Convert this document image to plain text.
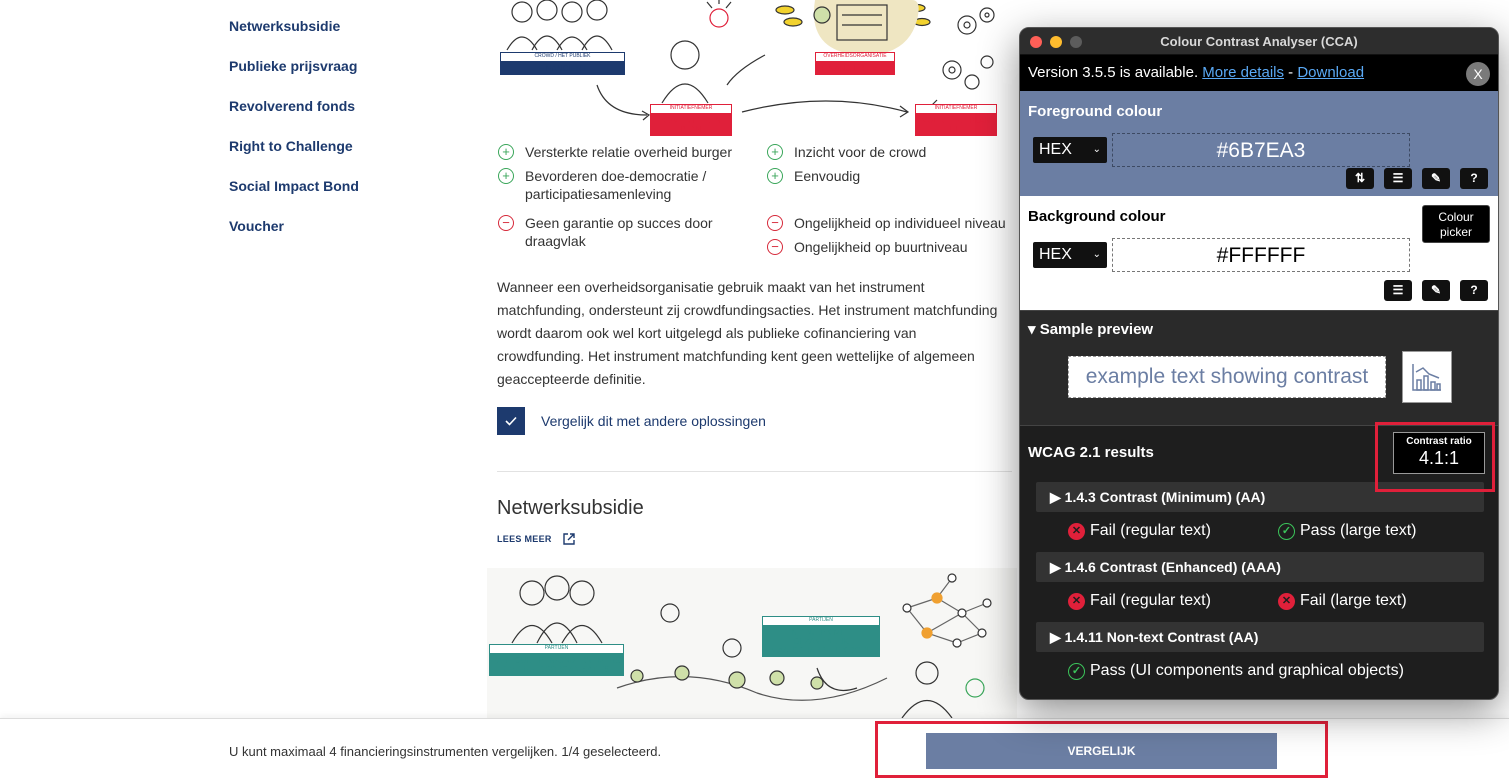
Netwerksubsidie
Publieke prijsvraag
Revolverend fonds
Right to Challenge
Social Impact Bond
Voucher
CROWD / HET PUBLIEK
FINANCIERT
OVERHEIDSORGANISATIE
FINANCIERT MEE
INITIATIEFNEMER
KOMT MET EEN PLAN
INITIATIEFNEMER
VOERT HET PLAN UIT
+	Versterkte relatie overheid burger
+	Bevorderen doe-democratie / participatiesamenleving
+	Inzicht voor de crowd
+	Eenvoudig
−	Geen garantie op succes door draagvlak
−	Ongelijkheid op individueel niveau
−	Ongelijkheid op buurtniveau

Wanneer een overheidsorganisatie gebruik maakt van het instrument matchfunding, ondersteunt zij crowdfundingsacties. Het instrument matchfunding wordt daarom ook wel kort uitgelegd als publieke cofinanciering van crowdfunding. Het instrument matchfunding kent geen wettelijke of algemeen geaccepteerde definitie.

Vergelijk dit met andere oplossingen
Netwerksubsidie
LEES MEER
PARTIJEN
PARTICULIEREN/ONDERNEMERS/ OVERHEIDSORGANISATIES
PARTIJEN
NETWERK MET GEZAMENLIJK MAATSCHAPPELIJK DOEL
U kunt maximaal 4 financieringsinstrumenten vergelijken. 1/4 geselecteerd.	VERGELIJK
Colour Contrast Analyser (CCA)
Version 3.5.5 is available. More details - Download	X
Foreground colour
HEX ⌄	#6B7EA3
⇅	☰	✎	?
Background colour
HEX ⌄	#FFFFFF
☰	✎	?
Colour picker
▾ Sample preview
example text showing contrast
WCAG 2.1 results
Contrast ratio
4.1:1
▶ 1.4.3 Contrast (Minimum) (AA)
✕ Fail (regular text)	✓ Pass (large text)
▶ 1.4.6 Contrast (Enhanced) (AAA)
✕ Fail (regular text)	✕ Fail (large text)
▶ 1.4.11 Non-text Contrast (AA)
✓ Pass (UI components and graphical objects)
